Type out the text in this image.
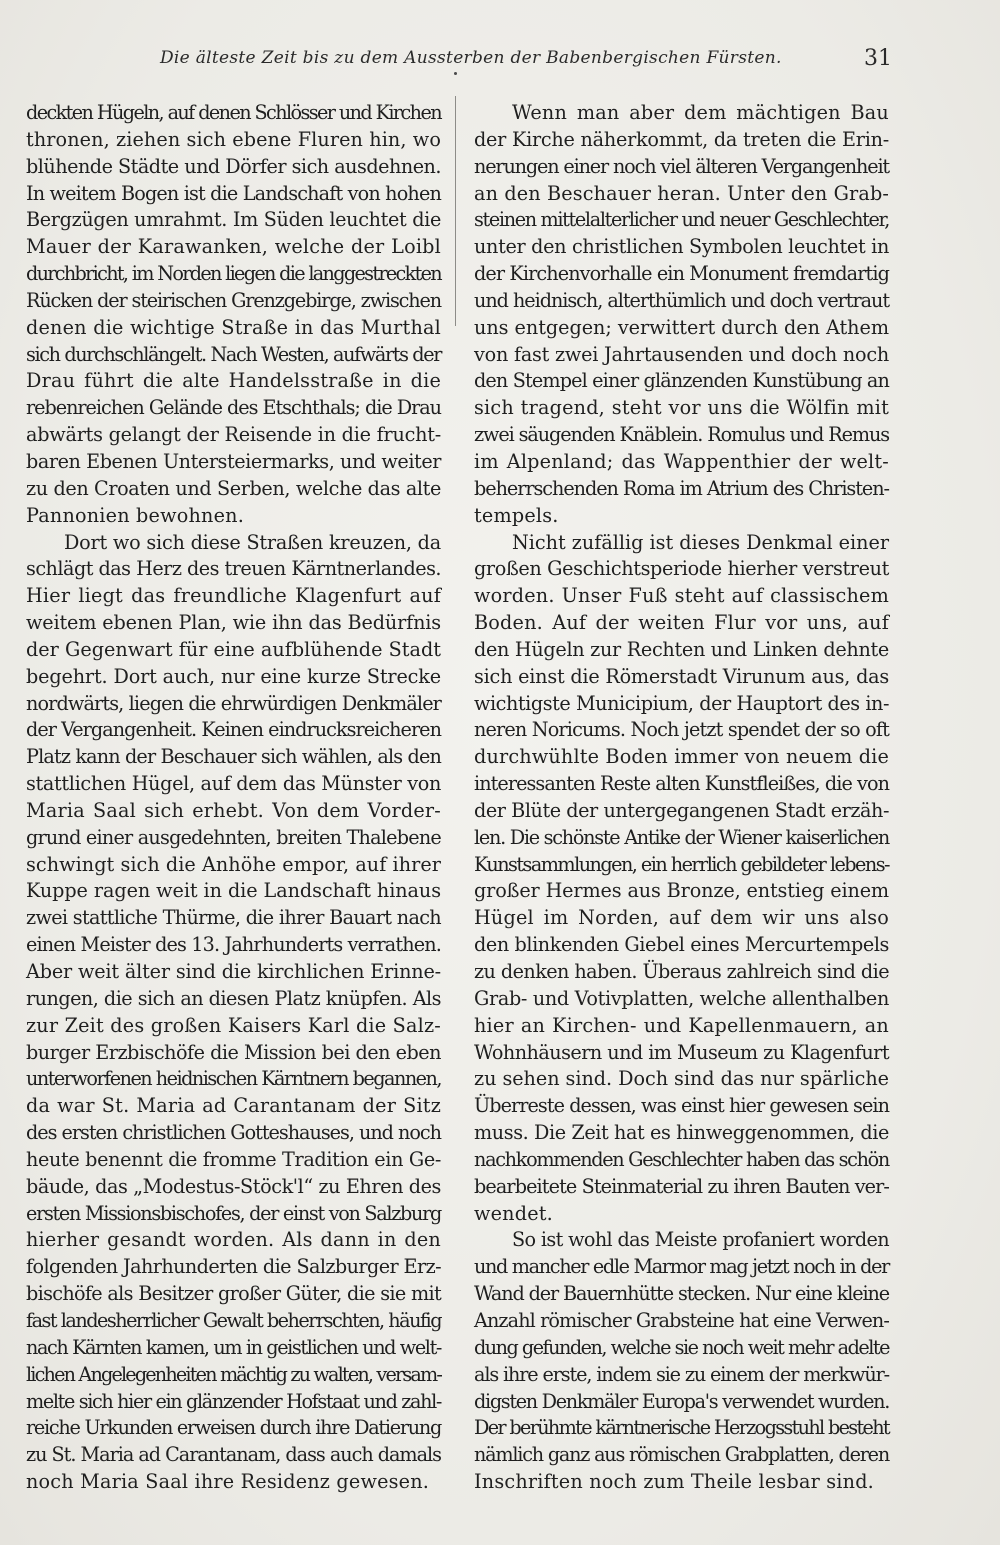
Die älteste Zeit bis zu dem Aussterben der Babenbergischen Fürsten.	31
deckten Hügeln, auf denen Schlösser und Kirchen
thronen, ziehen sich ebene Fluren hin, wo
blühende Städte und Dörfer sich ausdehnen.
In weitem Bogen ist die Landschaft von hohen
Bergzügen umrahmt. Im Süden leuchtet die
Mauer der Karawanken, welche der Loibl
durchbricht, im Norden liegen die langgestreckten
Rücken der steirischen Grenzgebirge, zwischen
denen die wichtige Straße in das Murthal
sich durchschlängelt. Nach Westen, aufwärts der
Drau führt die alte Handelsstraße in die
rebenreichen Gelände des Etschthals; die Drau
abwärts gelangt der Reisende in die frucht-
baren Ebenen Untersteiermarks, und weiter
zu den Croaten und Serben, welche das alte
Pannonien bewohnen.
Dort wo sich diese Straßen kreuzen, da
schlägt das Herz des treuen Kärntnerlandes.
Hier liegt das freundliche Klagenfurt auf
weitem ebenen Plan, wie ihn das Bedürfnis
der Gegenwart für eine aufblühende Stadt
begehrt. Dort auch, nur eine kurze Strecke
nordwärts, liegen die ehrwürdigen Denkmäler
der Vergangenheit. Keinen eindrucksreicheren
Platz kann der Beschauer sich wählen, als den
stattlichen Hügel, auf dem das Münster von
Maria Saal sich erhebt. Von dem Vorder-
grund einer ausgedehnten, breiten Thalebene
schwingt sich die Anhöhe empor, auf ihrer
Kuppe ragen weit in die Landschaft hinaus
zwei stattliche Thürme, die ihrer Bauart nach
einen Meister des 13. Jahrhunderts verrathen.
Aber weit älter sind die kirchlichen Erinne-
rungen, die sich an diesen Platz knüpfen. Als
zur Zeit des großen Kaisers Karl die Salz-
burger Erzbischöfe die Mission bei den eben
unterworfenen heidnischen Kärntnern begannen,
da war St. Maria ad Carantanam der Sitz
des ersten christlichen Gotteshauses, und noch
heute benennt die fromme Tradition ein Ge-
bäude, das „Modestus-Stöck'l“ zu Ehren des
ersten Missionsbischofes, der einst von Salzburg
hierher gesandt worden. Als dann in den
folgenden Jahrhunderten die Salzburger Erz-
bischöfe als Besitzer großer Güter, die sie mit
fast landesherrlicher Gewalt beherrschten, häufig
nach Kärnten kamen, um in geistlichen und welt-
lichen Angelegenheiten mächtig zu walten, versam-
melte sich hier ein glänzender Hofstaat und zahl-
reiche Urkunden erweisen durch ihre Datierung
zu St. Maria ad Carantanam, dass auch damals
noch Maria Saal ihre Residenz gewesen.
Wenn man aber dem mächtigen Bau
der Kirche näherkommt, da treten die Erin-
nerungen einer noch viel älteren Vergangenheit
an den Beschauer heran. Unter den Grab-
steinen mittelalterlicher und neuer Geschlechter,
unter den christlichen Symbolen leuchtet in
der Kirchenvorhalle ein Monument fremdartig
und heidnisch, alterthümlich und doch vertraut
uns entgegen; verwittert durch den Athem
von fast zwei Jahrtausenden und doch noch
den Stempel einer glänzenden Kunstübung an
sich tragend, steht vor uns die Wölfin mit
zwei säugenden Knäblein. Romulus und Remus
im Alpenland; das Wappenthier der welt-
beherrschenden Roma im Atrium des Christen-
tempels.
Nicht zufällig ist dieses Denkmal einer
großen Geschichtsperiode hierher verstreut
worden. Unser Fuß steht auf classischem
Boden. Auf der weiten Flur vor uns, auf
den Hügeln zur Rechten und Linken dehnte
sich einst die Römerstadt Virunum aus, das
wichtigste Municipium, der Hauptort des in-
neren Noricums. Noch jetzt spendet der so oft
durchwühlte Boden immer von neuem die
interessanten Reste alten Kunstfleißes, die von
der Blüte der untergegangenen Stadt erzäh-
len. Die schönste Antike der Wiener kaiserlichen
Kunstsammlungen, ein herrlich gebildeter lebens-
großer Hermes aus Bronze, entstieg einem
Hügel im Norden, auf dem wir uns also
den blinkenden Giebel eines Mercurtempels
zu denken haben. Überaus zahlreich sind die
Grab- und Votivplatten, welche allenthalben
hier an Kirchen- und Kapellenmauern, an
Wohnhäusern und im Museum zu Klagenfurt
zu sehen sind. Doch sind das nur spärliche
Überreste dessen, was einst hier gewesen sein
muss. Die Zeit hat es hinweggenommen, die
nachkommenden Geschlechter haben das schön
bearbeitete Steinmaterial zu ihren Bauten ver-
wendet.
So ist wohl das Meiste profaniert worden
und mancher edle Marmor mag jetzt noch in der
Wand der Bauernhütte stecken. Nur eine kleine
Anzahl römischer Grabsteine hat eine Verwen-
dung gefunden, welche sie noch weit mehr adelte
als ihre erste, indem sie zu einem der merkwür-
digsten Denkmäler Europa's verwendet wurden.
Der berühmte kärntnerische Herzogsstuhl besteht
nämlich ganz aus römischen Grabplatten, deren
Inschriften noch zum Theile lesbar sind.
